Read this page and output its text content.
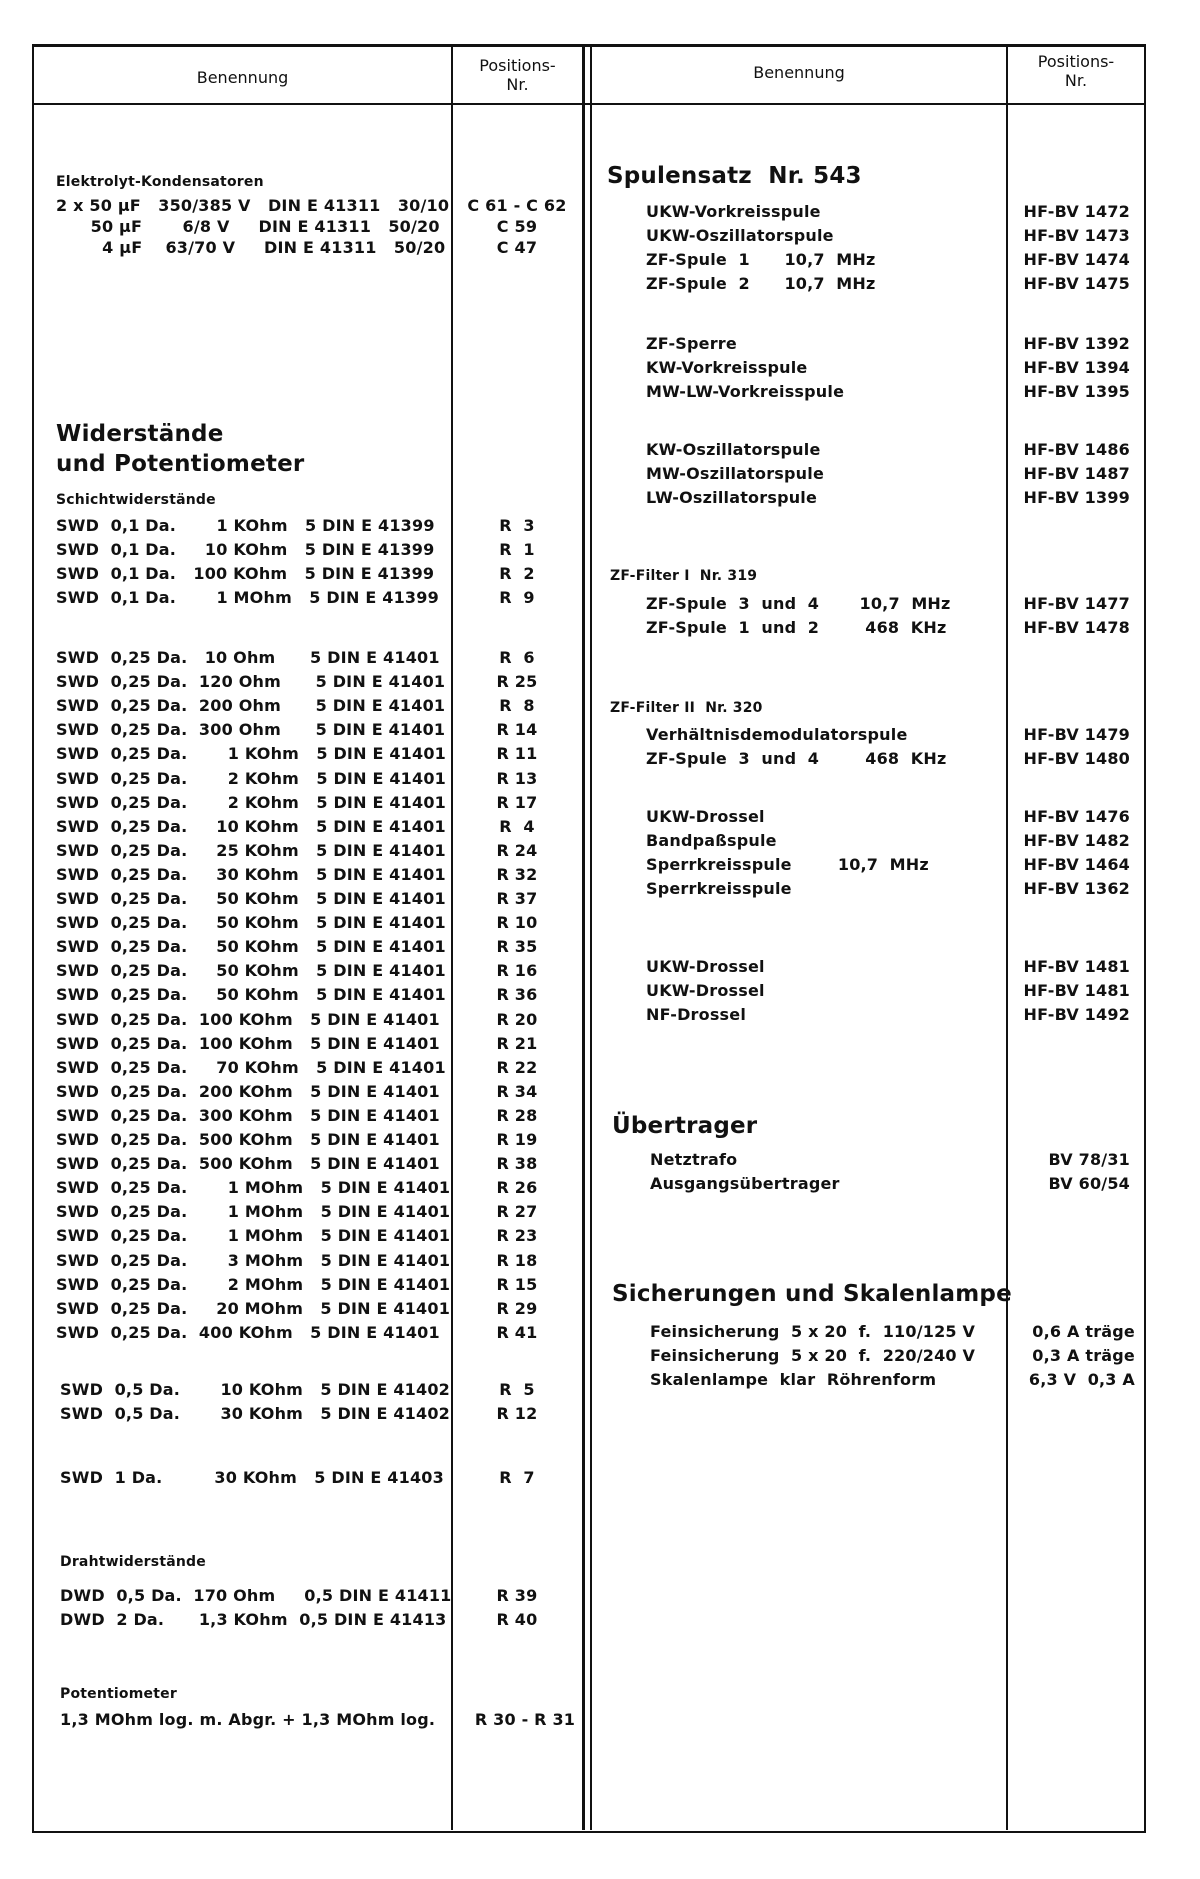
Benennung
Positions-
Nr.
Benennung
Positions-
Nr.
Elektrolyt-Kondensatoren
2 x 50 µF   350/385 V   DIN E 41311   30/10	C 61 - C 62
50 µF       6/8 V     DIN E 41311   50/20	C 59
4 µF    63/70 V     DIN E 41311   50/20	C 47
Widerstände
und Potentiometer
Schichtwiderstände
SWD  0,1 Da.       1 KOhm   5 DIN E 41399	R  3
SWD  0,1 Da.     10 KOhm   5 DIN E 41399	R  1
SWD  0,1 Da.   100 KOhm   5 DIN E 41399	R  2
SWD  0,1 Da.       1 MOhm   5 DIN E 41399	R  9
SWD  0,25 Da.   10 Ohm      5 DIN E 41401	R  6
SWD  0,25 Da.  120 Ohm      5 DIN E 41401	R 25
SWD  0,25 Da.  200 Ohm      5 DIN E 41401	R  8
SWD  0,25 Da.  300 Ohm      5 DIN E 41401	R 14
SWD  0,25 Da.       1 KOhm   5 DIN E 41401	R 11
SWD  0,25 Da.       2 KOhm   5 DIN E 41401	R 13
SWD  0,25 Da.       2 KOhm   5 DIN E 41401	R 17
SWD  0,25 Da.     10 KOhm   5 DIN E 41401	R  4
SWD  0,25 Da.     25 KOhm   5 DIN E 41401	R 24
SWD  0,25 Da.     30 KOhm   5 DIN E 41401	R 32
SWD  0,25 Da.     50 KOhm   5 DIN E 41401	R 37
SWD  0,25 Da.     50 KOhm   5 DIN E 41401	R 10
SWD  0,25 Da.     50 KOhm   5 DIN E 41401	R 35
SWD  0,25 Da.     50 KOhm   5 DIN E 41401	R 16
SWD  0,25 Da.     50 KOhm   5 DIN E 41401	R 36
SWD  0,25 Da.  100 KOhm   5 DIN E 41401	R 20
SWD  0,25 Da.  100 KOhm   5 DIN E 41401	R 21
SWD  0,25 Da.     70 KOhm   5 DIN E 41401	R 22
SWD  0,25 Da.  200 KOhm   5 DIN E 41401	R 34
SWD  0,25 Da.  300 KOhm   5 DIN E 41401	R 28
SWD  0,25 Da.  500 KOhm   5 DIN E 41401	R 19
SWD  0,25 Da.  500 KOhm   5 DIN E 41401	R 38
SWD  0,25 Da.       1 MOhm   5 DIN E 41401	R 26
SWD  0,25 Da.       1 MOhm   5 DIN E 41401	R 27
SWD  0,25 Da.       1 MOhm   5 DIN E 41401	R 23
SWD  0,25 Da.       3 MOhm   5 DIN E 41401	R 18
SWD  0,25 Da.       2 MOhm   5 DIN E 41401	R 15
SWD  0,25 Da.     20 MOhm   5 DIN E 41401	R 29
SWD  0,25 Da.  400 KOhm   5 DIN E 41401	R 41
SWD  0,5 Da.       10 KOhm   5 DIN E 41402	R  5
SWD  0,5 Da.       30 KOhm   5 DIN E 41402	R 12
SWD  1 Da.         30 KOhm   5 DIN E 41403	R  7
Drahtwiderstände
DWD  0,5 Da.  170 Ohm     0,5 DIN E 41411	R 39
DWD  2 Da.      1,3 KOhm  0,5 DIN E 41413	R 40
Potentiometer
1,3 MOhm log. m. Abgr. + 1,3 MOhm log.	R 30 - R 31
Spulensatz  Nr. 543
UKW-Vorkreisspule	HF-BV 1472
UKW-Oszillatorspule	HF-BV 1473
ZF-Spule  1      10,7  MHz	HF-BV 1474
ZF-Spule  2      10,7  MHz	HF-BV 1475
ZF-Sperre	HF-BV 1392
KW-Vorkreisspule	HF-BV 1394
MW-LW-Vorkreisspule	HF-BV 1395
KW-Oszillatorspule	HF-BV 1486
MW-Oszillatorspule	HF-BV 1487
LW-Oszillatorspule	HF-BV 1399
ZF-Filter I  Nr. 319
ZF-Spule  3  und  4       10,7  MHz	HF-BV 1477
ZF-Spule  1  und  2        468  KHz	HF-BV 1478
ZF-Filter II  Nr. 320
Verhältnisdemodulatorspule	HF-BV 1479
ZF-Spule  3  und  4        468  KHz	HF-BV 1480
UKW-Drossel	HF-BV 1476
Bandpaßspule	HF-BV 1482
Sperrkreisspule        10,7  MHz	HF-BV 1464
Sperrkreisspule	HF-BV 1362
UKW-Drossel	HF-BV 1481
UKW-Drossel	HF-BV 1481
NF-Drossel	HF-BV 1492
Übertrager
Netztrafo	BV 78/31
Ausgangsübertrager	BV 60/54
Sicherungen und Skalenlampe
Feinsicherung  5 x 20  f.  110/125 V	0,6 A träge
Feinsicherung  5 x 20  f.  220/240 V	0,3 A träge
Skalenlampe  klar  Röhrenform	6,3 V  0,3 A
